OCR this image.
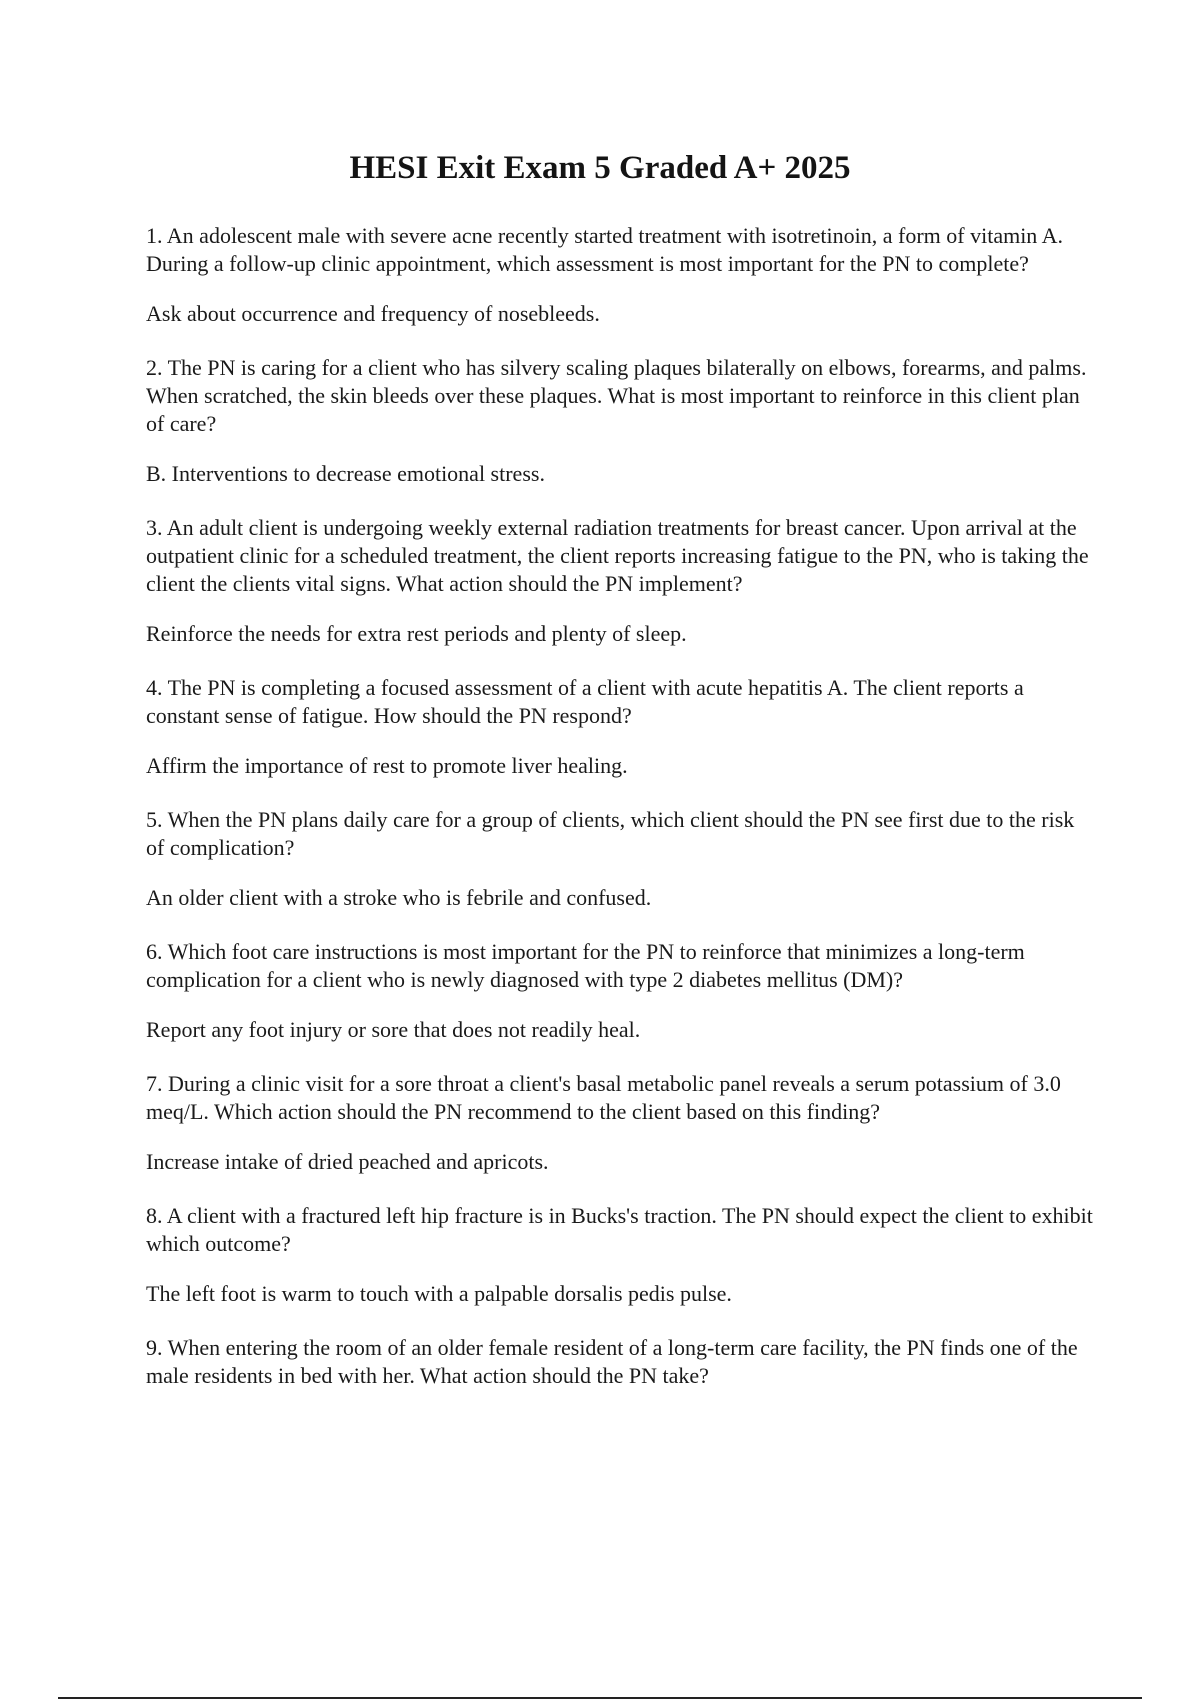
HESI Exit Exam 5 Graded A+ 2025

1. An adolescent male with severe acne recently started treatment with isotretinoin, a form of vitamin A. During a follow-up clinic appointment, which assessment is most important for the PN to complete?

Ask about occurrence and frequency of nosebleeds.

2. The PN is caring for a client who has silvery scaling plaques bilaterally on elbows, forearms, and palms. When scratched, the skin bleeds over these plaques. What is most important to reinforce in this client plan of care?

B. Interventions to decrease emotional stress.

3. An adult client is undergoing weekly external radiation treatments for breast cancer. Upon arrival at the outpatient clinic for a scheduled treatment, the client reports increasing fatigue to the PN, who is taking the client the clients vital signs. What action should the PN implement?

Reinforce the needs for extra rest periods and plenty of sleep.

4. The PN is completing a focused assessment of a client with acute hepatitis A. The client reports a constant sense of fatigue. How should the PN respond?

Affirm the importance of rest to promote liver healing.

5. When the PN plans daily care for a group of clients, which client should the PN see first due to the risk of complication?

An older client with a stroke who is febrile and confused.

6. Which foot care instructions is most important for the PN to reinforce that minimizes a long-term complication for a client who is newly diagnosed with type 2 diabetes mellitus (DM)?

Report any foot injury or sore that does not readily heal.

7. During a clinic visit for a sore throat a client's basal metabolic panel reveals a serum potassium of 3.0 meq/L. Which action should the PN recommend to the client based on this finding?

Increase intake of dried peached and apricots.

8. A client with a fractured left hip fracture is in Bucks's traction. The PN should expect the client to exhibit which outcome?

The left foot is warm to touch with a palpable dorsalis pedis pulse.

9. When entering the room of an older female resident of a long-term care facility, the PN finds one of the male residents in bed with her. What action should the PN take?
